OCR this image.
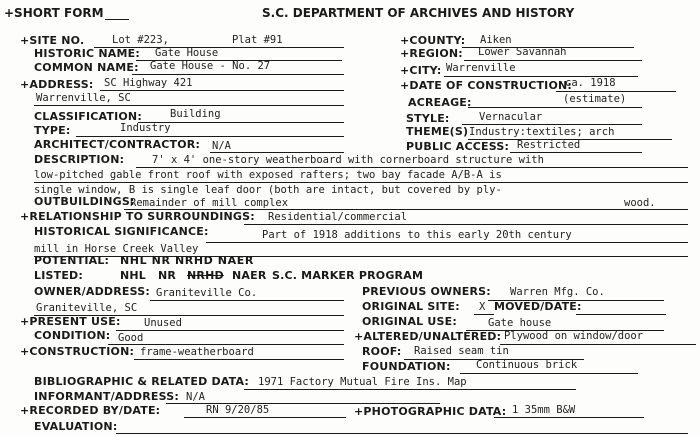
+SHORT FORM	S.C. DEPARTMENT OF ARCHIVES AND HISTORY
+SITE NO.	Lot #223,	Plat #91	+COUNTY: Aiken
HISTORIC NAME: Gate House	+REGION: Lower Savannah
COMMON NAME: Gate House - No. 27	+CITY: Warrenville
+ADDRESS: SC Highway 421
Warrenville, SC
+DATE OF CONSTRUCTION:
ca. 1918
ACREAGE:	(estimate)
CLASSIFICATION:	Building	STYLE:	Vernacular
TYPE:	Industry	THEME(S) Industry:textiles; arch
ARCHITECT/CONTRACTOR: N/A	PUBLIC ACCESS: Restricted
DESCRIPTION:	7' x 4' one-story weatherboard with cornerboard structure with
low-pitched gable front roof with exposed rafters; two bay facade A/B-A is
single window, B is single leaf door (both are intact, but covered by ply-
OUTBUILDINGS:
Remainder of mill complex	wood.
+RELATIONSHIP TO SURROUNDINGS: Residential/commercial
HISTORICAL SIGNIFICANCE:	Part of 1918 additions to this early 20th century
mill in Horse Creek Valley
POTENTIAL: NHL NR NRHD NAER
LISTED:	NHL NR NRHD NAER S.C. MARKER PROGRAM
OWNER/ADDRESS: Graniteville Co.
Graniteville, SC
PREVIOUS OWNERS: Warren Mfg. Co.
ORIGINAL SITE: X MOVED/DATE:
+PRESENT USE: Unused	ORIGINAL USE:	Gate house
CONDITION: Good	+ALTERED/UNALTERED: Plywood on window/door
+CONSTRUCTION: frame-weatherboard	ROOF: Raised seam tin
FOUNDATION: Continuous brick
BIBLIOGRAPHIC & RELATED DATA: 1971 Factory Mutual Fire Ins. Map
INFORMANT/ADDRESS: N/A
+RECORDED BY/DATE:	RN 9/20/85	+PHOTOGRAPHIC DATA: 1 35mm B&W
EVALUATION:
